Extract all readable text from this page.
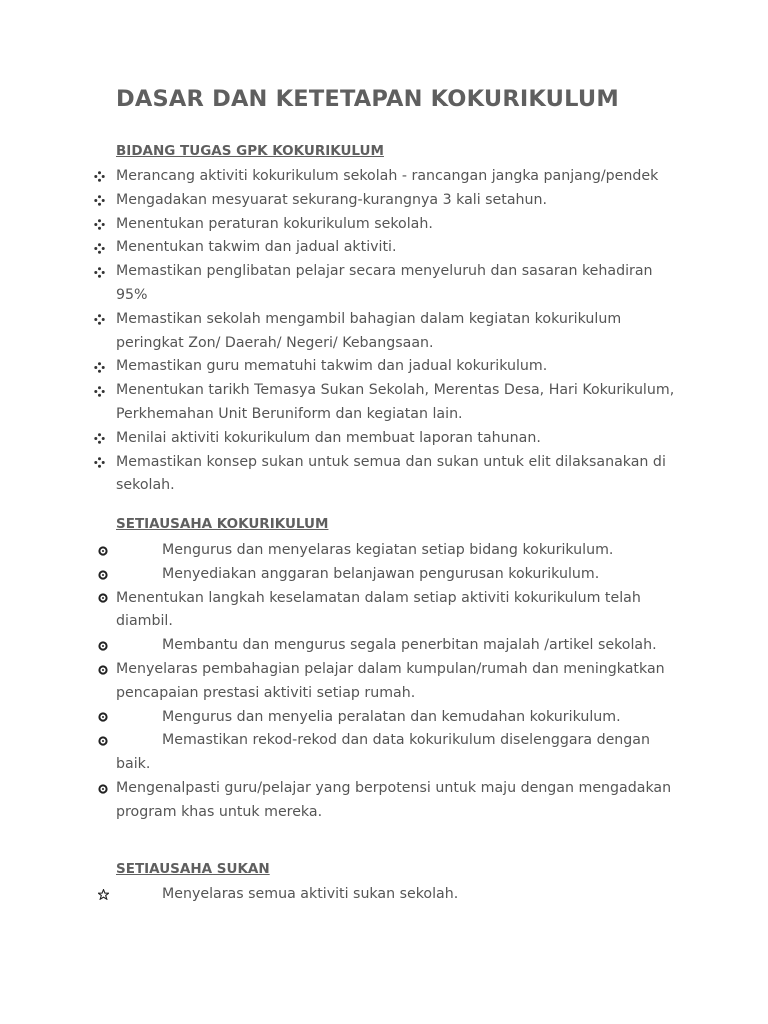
DASAR DAN KETETAPAN KOKURIKULUM
BIDANG TUGAS GPK KOKURIKULUM
Merancang aktiviti kokurikulum sekolah - rancangan jangka panjang/pendek
Mengadakan mesyuarat sekurang-kurangnya 3 kali setahun.
Menentukan peraturan kokurikulum sekolah.
Menentukan takwim dan jadual aktiviti.
Memastikan penglibatan pelajar secara menyeluruh dan sasaran kehadiran 95%
Memastikan sekolah mengambil bahagian dalam kegiatan kokurikulum peringkat Zon/ Daerah/ Negeri/ Kebangsaan.
Memastikan guru mematuhi takwim dan jadual kokurikulum.
Menentukan tarikh Temasya Sukan Sekolah, Merentas Desa, Hari Kokurikulum, Perkhemahan Unit Beruniform dan kegiatan lain.
Menilai aktiviti kokurikulum dan membuat laporan tahunan.
Memastikan konsep sukan untuk semua dan sukan untuk elit dilaksanakan di sekolah.
SETIAUSAHA KOKURIKULUM
Mengurus dan menyelaras kegiatan setiap bidang kokurikulum.
Menyediakan anggaran belanjawan pengurusan kokurikulum.
Menentukan langkah keselamatan dalam setiap aktiviti kokurikulum telah diambil.
Membantu dan mengurus segala penerbitan majalah /artikel sekolah.
Menyelaras pembahagian pelajar dalam kumpulan/rumah dan meningkatkan pencapaian prestasi aktiviti setiap rumah.
Mengurus dan menyelia peralatan dan kemudahan kokurikulum.
Memastikan rekod-rekod dan data kokurikulum diselenggara dengan baik.
Mengenalpasti guru/pelajar yang berpotensi untuk maju dengan mengadakan program khas untuk mereka.
SETIAUSAHA SUKAN
Menyelaras semua aktiviti sukan sekolah.
